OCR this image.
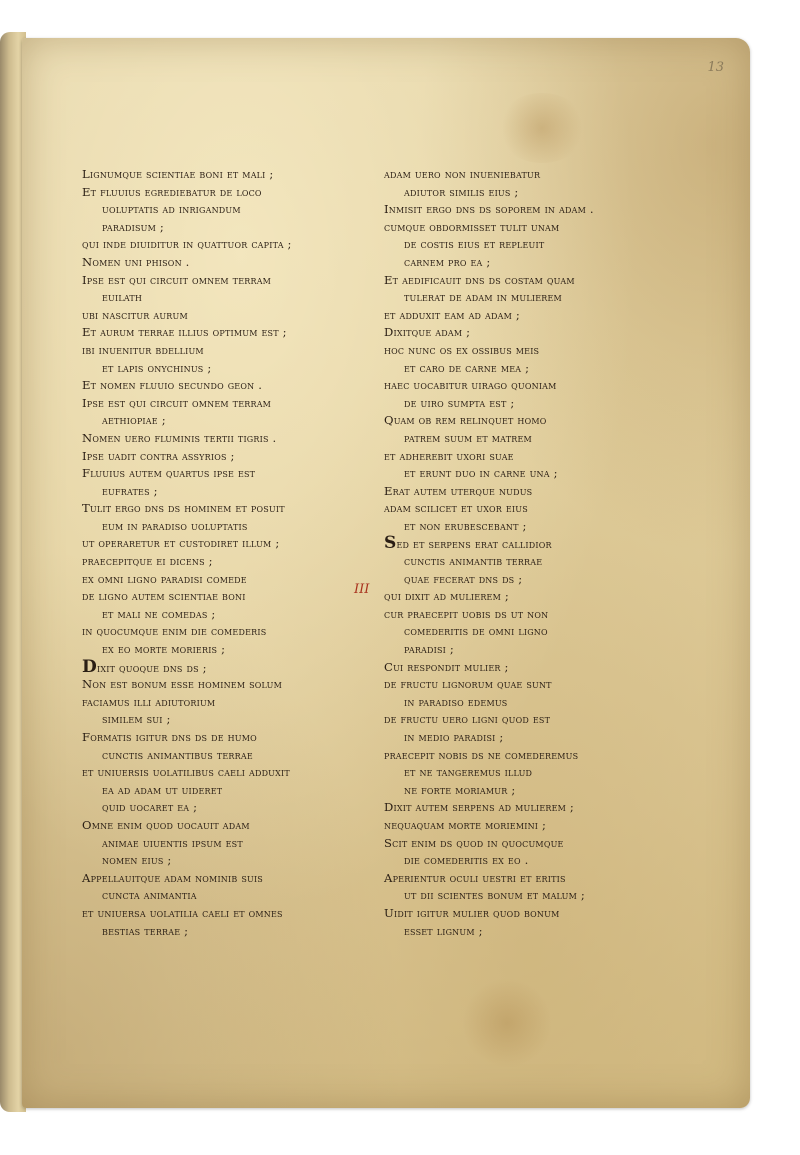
13
Lignumque scientiae boni et mali ;
Et fluuius egrediebatur de loco
uoluptatis ad inrigandum
paradisum ;
qui inde diuiditur in quattuor capita ;
Nomen uni phison .
Ipse est qui circuit omnem terram
euilath
ubi nascitur aurum
Et aurum terrae illius optimum est ;
ibi inuenitur bdellium
et lapis onychinus ;
Et nomen fluuio secundo geon .
Ipse est qui circuit omnem terram
aethiopiae ;
Nomen uero fluminis tertii tigris .
Ipse uadit contra assyrios ;
Fluuius autem quartus ipse est
eufrates ;
Tulit ergo dns ds hominem et posuit
eum in paradiso uoluptatis
ut operaretur et custodiret illum ;
praecepitque ei dicens ;
ex omni ligno paradisi comede
de ligno autem scientiae boni
et mali ne comedas ;
in quocumque enim die comederis
ex eo morte morieris ;
Dixit quoque dns ds ;
Non est bonum esse hominem solum
faciamus illi adiutorium
similem sui ;
Formatis igitur dns ds de humo
cunctis animantibus terrae
et uniuersis uolatilibus caeli adduxit
ea ad adam ut uideret
quid uocaret ea ;
Omne enim quod uocauit adam
animae uiuentis ipsum est
nomen eius ;
Appellauitque adam nominib suis
cuncta animantia
et uniuersa uolatilia caeli et omnes
bestias terrae ;
III
adam uero non inueniebatur
adiutor similis eius ;
Inmisit ergo dns ds soporem in adam .
cumque obdormisset tulit unam
de costis eius et repleuit
carnem pro ea ;
Et aedificauit dns ds costam quam
tulerat de adam in mulierem
et adduxit eam ad adam ;
Dixitque adam ;
hoc nunc os ex ossibus meis
et caro de carne mea ;
haec uocabitur uirago quoniam
de uiro sumpta est ;
Quam ob rem relinquet homo
patrem suum et matrem
et adherebit uxori suae
et erunt duo in carne una ;
Erat autem uterque nudus
adam scilicet et uxor eius
et non erubescebant ;
Sed et serpens erat callidior
cunctis animantib terrae
quae fecerat dns ds ;
qui dixit ad mulierem ;
cur praecepit uobis ds ut non
comederitis de omni ligno
paradisi ;
Cui respondit mulier ;
de fructu lignorum quae sunt
in paradiso edemus
de fructu uero ligni quod est
in medio paradisi ;
praecepit nobis ds ne comederemus
et ne tangeremus illud
ne forte moriamur ;
Dixit autem serpens ad mulierem ;
nequaquam morte moriemini ;
Scit enim ds quod in quocumque
die comederitis ex eo .
Aperientur oculi uestri et eritis
ut dii scientes bonum et malum ;
Uidit igitur mulier quod bonum
esset lignum ;
